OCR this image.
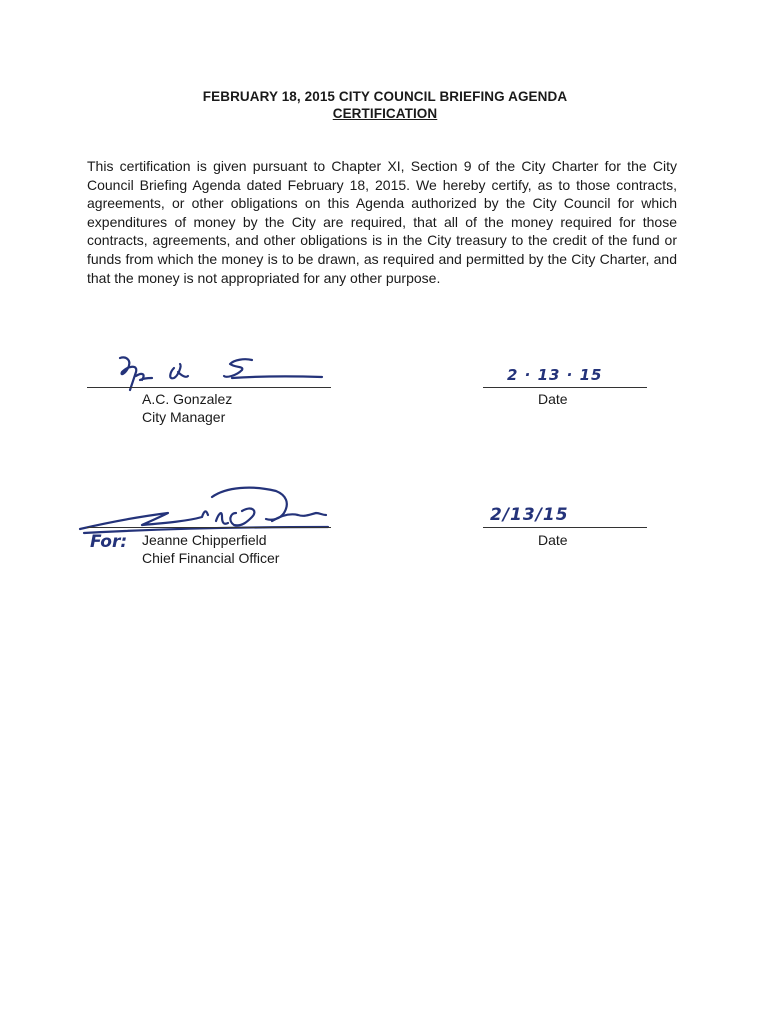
FEBRUARY 18, 2015 CITY COUNCIL BRIEFING AGENDA
CERTIFICATION
This certification is given pursuant to Chapter XI, Section 9 of the City Charter for the City Council Briefing Agenda dated February 18, 2015. We hereby certify, as to those contracts, agreements, or other obligations on this Agenda authorized by the City Council for which expenditures of money by the City are required, that all of the money required for those contracts, agreements, and other obligations is in the City treasury to the credit of the fund or funds from which the money is to be drawn, as required and permitted by the City Charter, and that the money is not appropriated for any other purpose.
A.C. Gonzalez
City Manager
2 · 13 · 15
Date
For: Jeanne Chipperfield
Chief Financial Officer
2/13/15
Date
